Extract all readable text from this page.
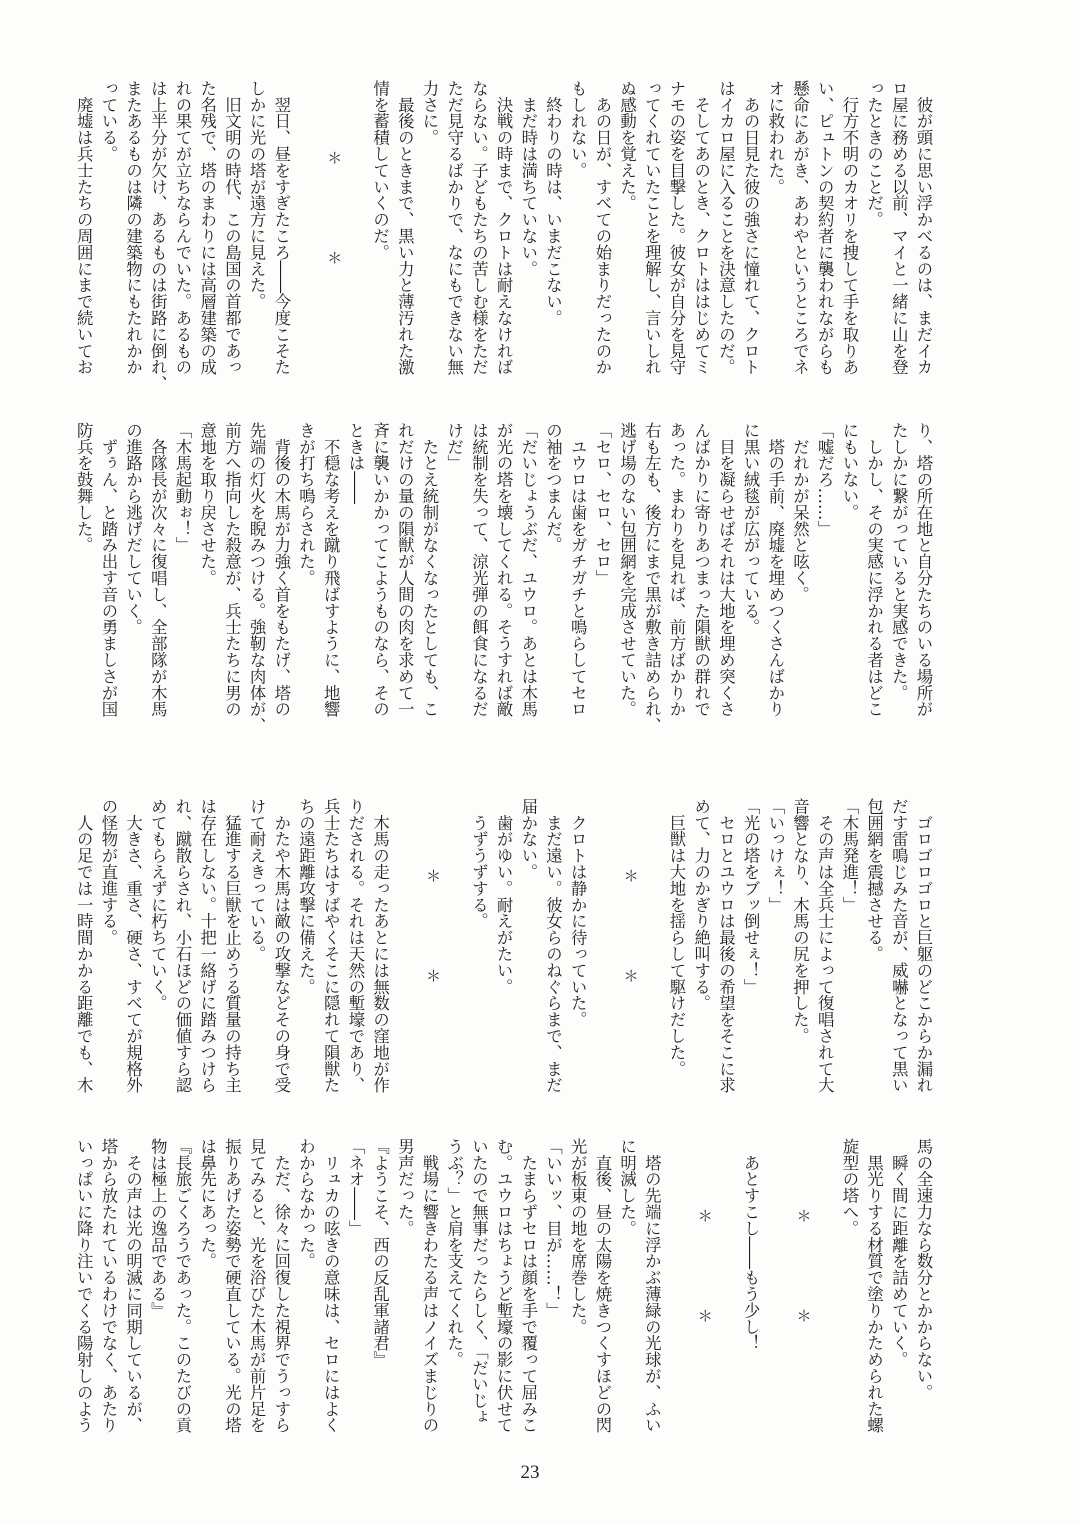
　彼が頭に思い浮かべるのは、まだイカ
ロ屋に務める以前、マイと一緒に山を登
ったときのことだ。
　行方不明のカオリを捜して手を取りあ
い、ピュトンの契約者に襲われながらも
懸命にあがき、あわやというところでネ
オに救われた。
　あの日見た彼の強さに憧れて、クロト
はイカロ屋に入ることを決意したのだ。
　そしてあのとき、クロトははじめてミ
ナモの姿を目撃した。彼女が自分を見守
ってくれていたことを理解し、言いしれ
ぬ感動を覚えた。
　あの日が、すべての始まりだったのか
もしれない。
　終わりの時は、いまだこない。
　まだ時は満ちていない。
　決戦の時まで、クロトは耐えなければ
ならない。子どもたちの苦しむ様をただ
ただ見守るばかりで、なにもできない無
力さに。
　最後のときまで、黒い力と薄汚れた激
情を蓄積していくのだ。
＊
＊
　翌日、昼をすぎたころ――今度こそた
しかに光の塔が遠方に見えた。
　旧文明の時代、この島国の首都であっ
た名残で、塔のまわりには高層建築の成
れの果てが立ちならんでいた。あるもの
は上半分が欠け、あるものは街路に倒れ、
またあるものは隣の建築物にもたれかか
っている。
　廃墟は兵士たちの周囲にまで続いてお
り、塔の所在地と自分たちのいる場所が
たしかに繋がっていると実感できた。
　しかし、その実感に浮かれる者はどこ
にもいない。
「嘘だろ……」
　だれかが呆然と呟く。
　塔の手前、廃墟を埋めつくさんばかり
に黒い絨毯が広がっている。
　目を凝らせばそれは大地を埋め突くさ
んばかりに寄りあつまった隕獣の群れで
あった。まわりを見れば、前方ばかりか
右も左も、後方にまで黒が敷き詰められ、
逃げ場のない包囲網を完成させていた。
「セロ、セロ、セロ」
　ユウロは歯をガチガチと鳴らしてセロ
の袖をつまんだ。
「だいじょうぶだ、ユウロ。あとは木馬
が光の塔を壊してくれる。そうすれば敵
は統制を失って、涼光弾の餌食になるだ
けだ」
　たとえ統制がなくなったとしても、こ
れだけの量の隕獣が人間の肉を求めて一
斉に襲いかかってこようものなら、その
ときは――
　不穏な考えを蹴り飛ばすように、地響
きが打ち鳴らされた。
　背後の木馬が力強く首をもたげ、塔の
先端の灯火を睨みつける。強靭な肉体が、
前方へ指向した殺意が、兵士たちに男の
意地を取り戻させた。
「木馬起動ぉ！」
　各隊長が次々に復唱し、全部隊が木馬
の進路から逃げだしていく。
　ずぅん、と踏み出す音の勇ましさが国
防兵を鼓舞した。
　ゴロゴロゴロと巨躯のどこからか漏れ
だす雷鳴じみた音が、威嚇となって黒い
包囲網を震撼させる。
「木馬発進！」
　その声は全兵士によって復唱されて大
音響となり、木馬の尻を押した。
「いっけぇ！」
「光の塔をブッ倒せぇ！」
　セロとユウロは最後の希望をそこに求
めて、力のかぎり絶叫する。
　巨獣は大地を揺らして駆けだした。
＊
＊
　クロトは静かに待っていた。
　まだ遠い。彼女らのねぐらまで、まだ
届かない。
　歯がゆい。耐えがたい。
　うずうずする。
＊
＊
　木馬の走ったあとには無数の窪地が作
りだされる。それは天然の塹壕であり、
兵士たちはすばやくそこに隠れて隕獣た
ちの遠距離攻撃に備えた。
　かたや木馬は敵の攻撃などその身で受
けて耐えきっている。
　猛進する巨獣を止めうる質量の持ち主
は存在しない。十把一絡げに踏みつけら
れ、蹴散らされ、小石ほどの価値すら認
めてもらえずに朽ちていく。
　大きさ、重さ、硬さ、すべてが規格外
の怪物が直進する。
　人の足では一時間かかる距離でも、木
馬の全速力なら数分とかからない。
　瞬く間に距離を詰めていく。
　黒光りする材質で塗りかためられた螺
旋型の塔へ。
＊
＊
　あとすこし――もう少し！
＊
＊
　塔の先端に浮かぶ薄緑の光球が、ふい
に明滅した。
　直後、昼の太陽を焼きつくすほどの閃
光が板東の地を席巻した。
「いいッ、目が……！」
　たまらずセロは顔を手で覆って屈みこ
む。ユウロはちょうど塹壕の影に伏せて
いたので無事だったらしく、「だいじょ
うぶ？」と肩を支えてくれた。
　戦場に響きわたる声はノイズまじりの
男声だった。
『ようこそ、西の反乱軍諸君』
「ネオ――」
　リュカの呟きの意味は、セロにはよく
わからなかった。
　ただ、徐々に回復した視界でうっすら
見てみると、光を浴びた木馬が前片足を
振りあげた姿勢で硬直している。光の塔
は鼻先にあった。
『長旅ごくろうであった。このたびの貢
物は極上の逸品である』
　その声は光の明滅に同期しているが、
塔から放たれているわけでなく、あたり
いっぱいに降り注いでくる陽射しのよう
23
